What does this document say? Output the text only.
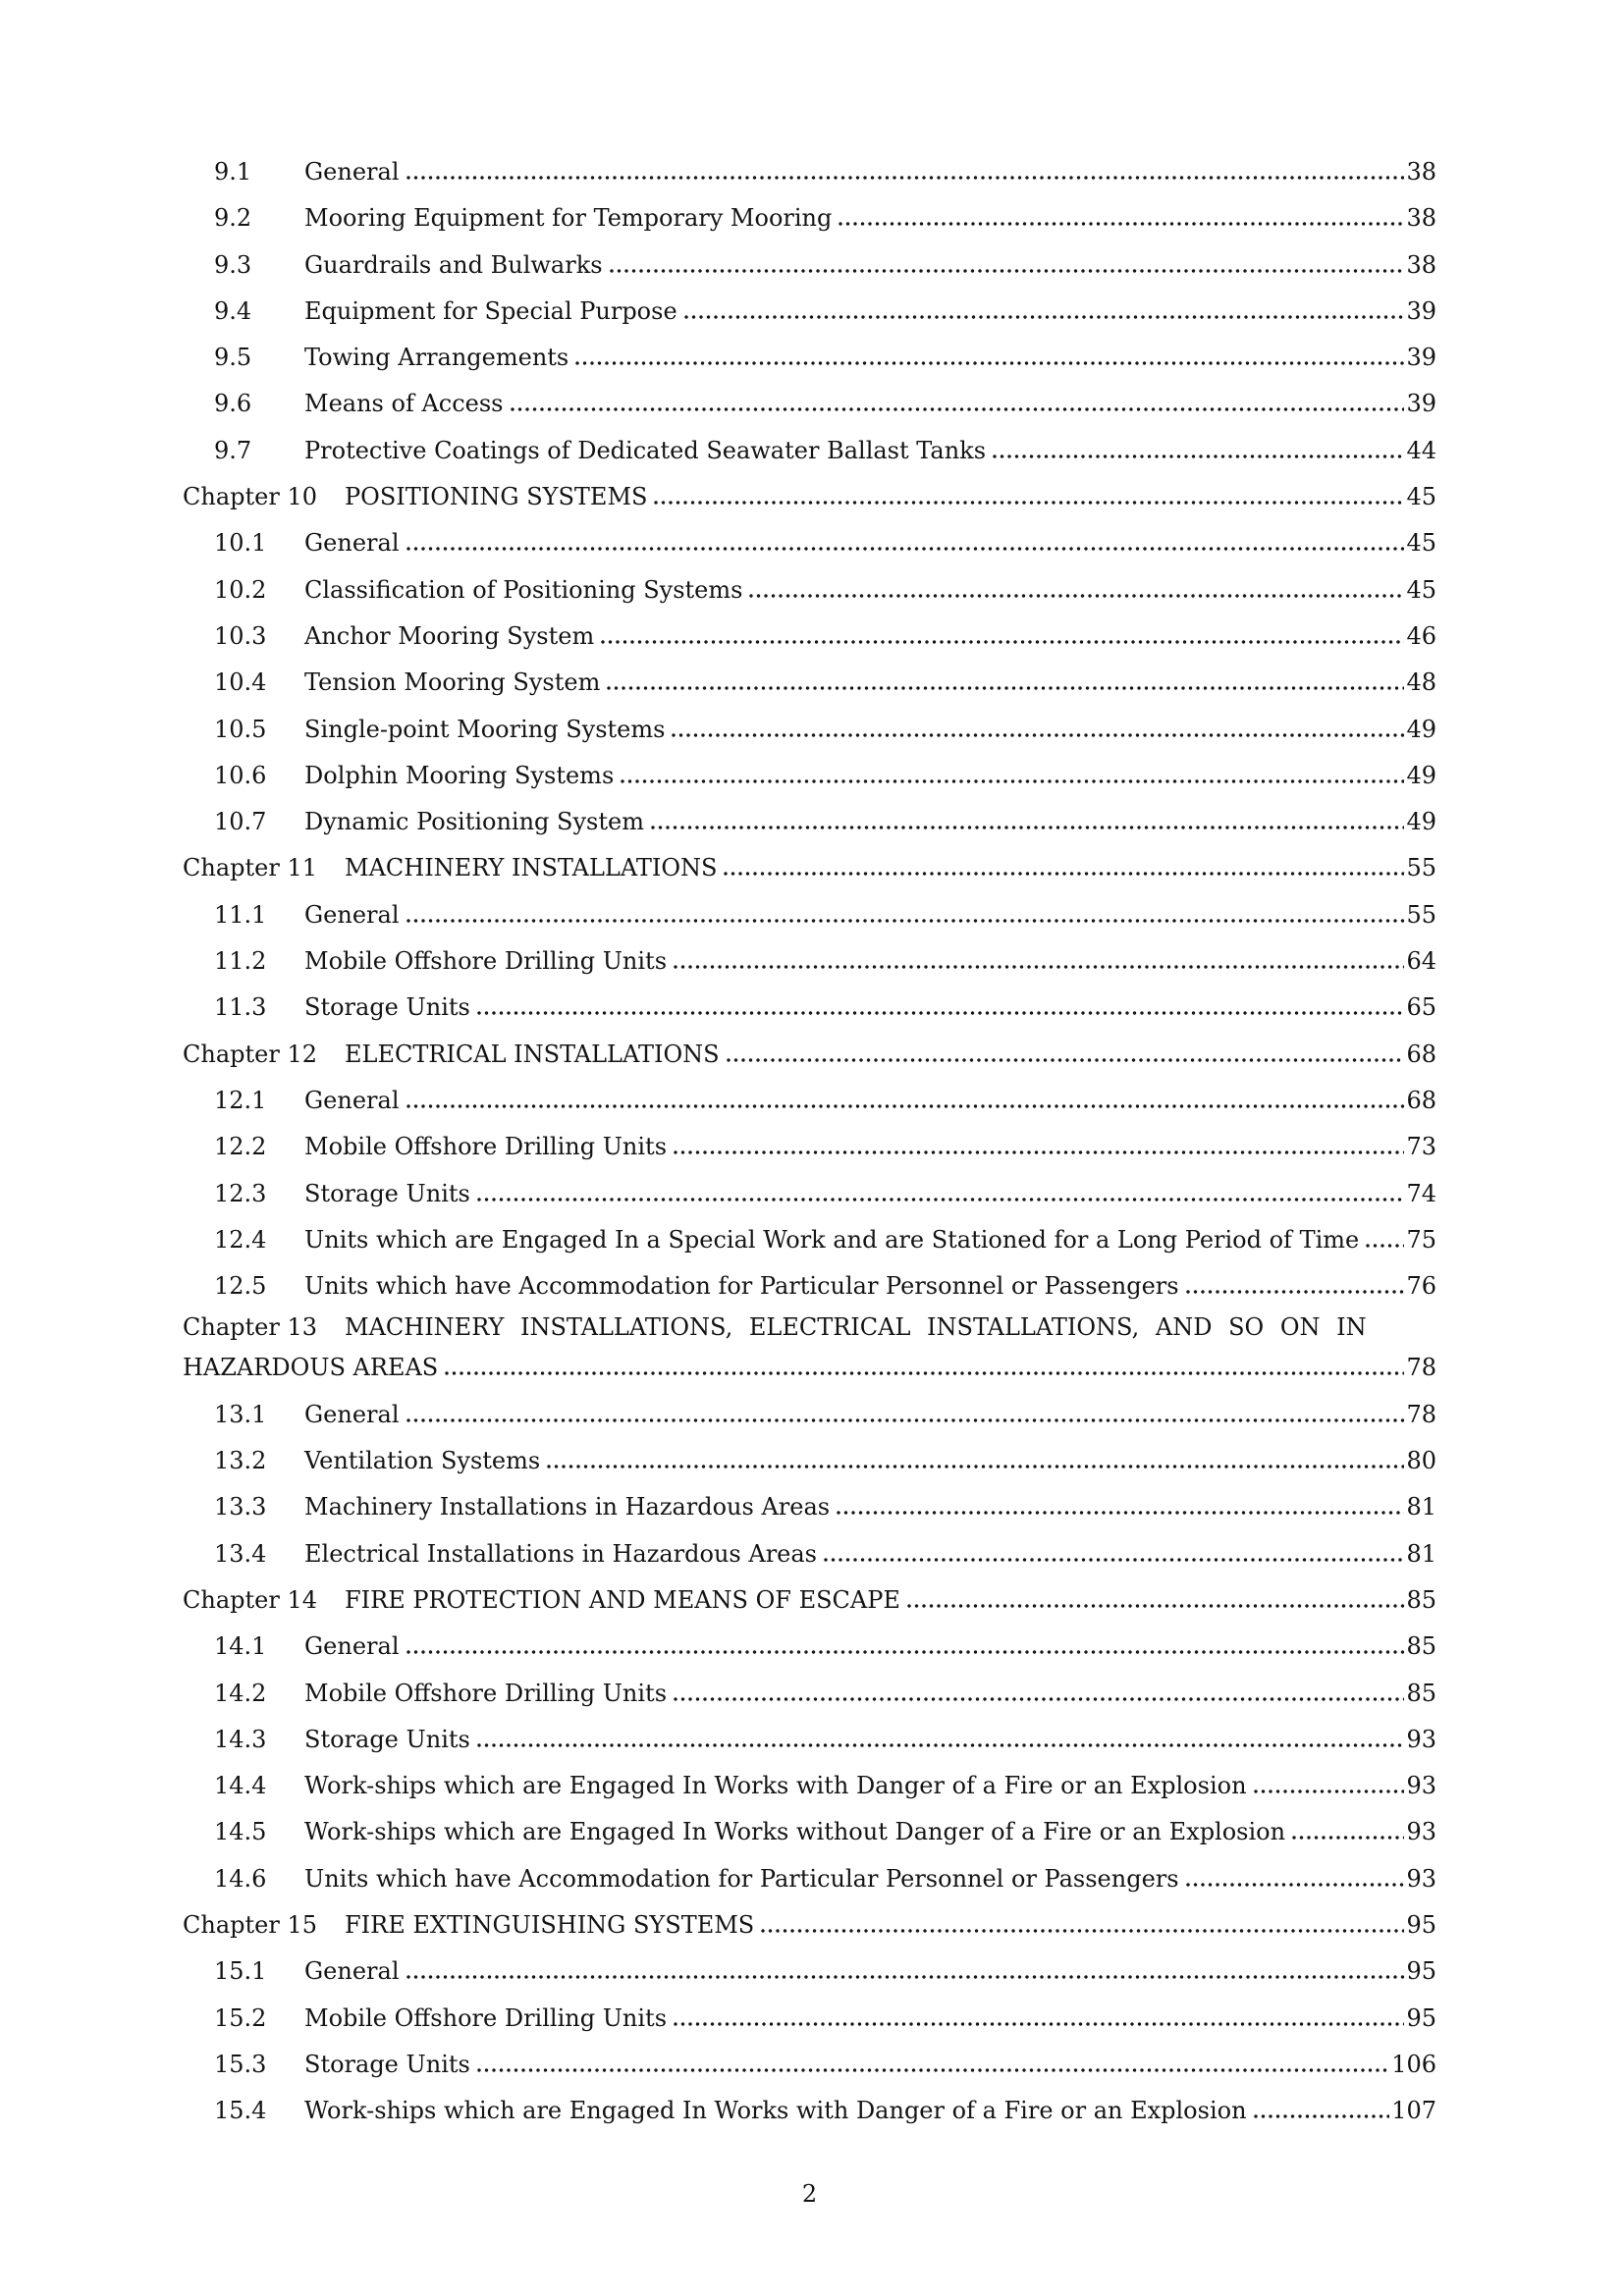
9.1	General	38
9.2	Mooring Equipment for Temporary Mooring	38
9.3	Guardrails and Bulwarks	38
9.4	Equipment for Special Purpose	39
9.5	Towing Arrangements	39
9.6	Means of Access	39
9.7	Protective Coatings of Dedicated Seawater Ballast Tanks	44
Chapter 10	POSITIONING SYSTEMS	45
10.1	General	45
10.2	Classification of Positioning Systems	45
10.3	Anchor Mooring System	46
10.4	Tension Mooring System	48
10.5	Single-point Mooring Systems	49
10.6	Dolphin Mooring Systems	49
10.7	Dynamic Positioning System	49
Chapter 11	MACHINERY INSTALLATIONS	55
11.1	General	55
11.2	Mobile Offshore Drilling Units	64
11.3	Storage Units	65
Chapter 12	ELECTRICAL INSTALLATIONS	68
12.1	General	68
12.2	Mobile Offshore Drilling Units	73
12.3	Storage Units	74
12.4	Units which are Engaged In a Special Work and are Stationed for a Long Period of Time 75
12.5	Units which have Accommodation for Particular Personnel or Passengers	76
Chapter 13	MACHINERY INSTALLATIONS, ELECTRICAL INSTALLATIONS, AND SO ON IN
HAZARDOUS AREAS	78
13.1	General	78
13.2	Ventilation Systems	80
13.3	Machinery Installations in Hazardous Areas	81
13.4	Electrical Installations in Hazardous Areas	81
Chapter 14	FIRE PROTECTION AND MEANS OF ESCAPE	85
14.1	General	85
14.2	Mobile Offshore Drilling Units	85
14.3	Storage Units	93
14.4	Work-ships which are Engaged In Works with Danger of a Fire or an Explosion	93
14.5	Work-ships which are Engaged In Works without Danger of a Fire or an Explosion	93
14.6	Units which have Accommodation for Particular Personnel or Passengers	93
Chapter 15	FIRE EXTINGUISHING SYSTEMS	95
15.1	General	95
15.2	Mobile Offshore Drilling Units	95
15.3	Storage Units	106
15.4	Work-ships which are Engaged In Works with Danger of a Fire or an Explosion	107
2
